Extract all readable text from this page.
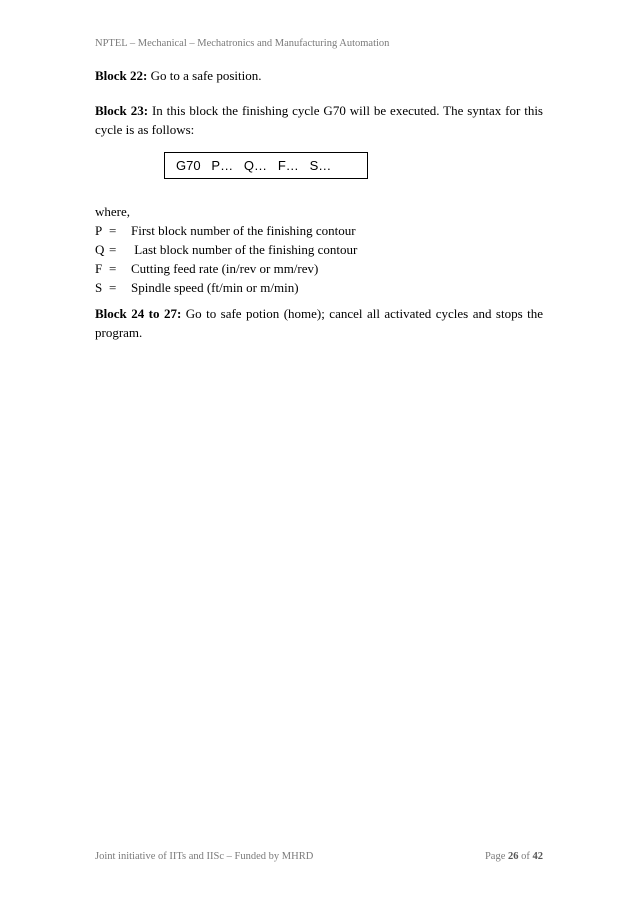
NPTEL – Mechanical – Mechatronics and Manufacturing Automation
Block 22: Go to a safe position.
Block 23: In this block the finishing cycle G70 will be executed. The syntax for this cycle is as follows:
G70   P…   Q…   F…   S…
where,
P =	First block number of the finishing contour
Q =	Last block number of the finishing contour
F =	Cutting feed rate (in/rev or mm/rev)
S =	Spindle speed (ft/min or m/min)
Block 24 to 27: Go to safe potion (home); cancel all activated cycles and stops the program.
Joint initiative of IITs and IISc – Funded by MHRD	Page 26 of 42
